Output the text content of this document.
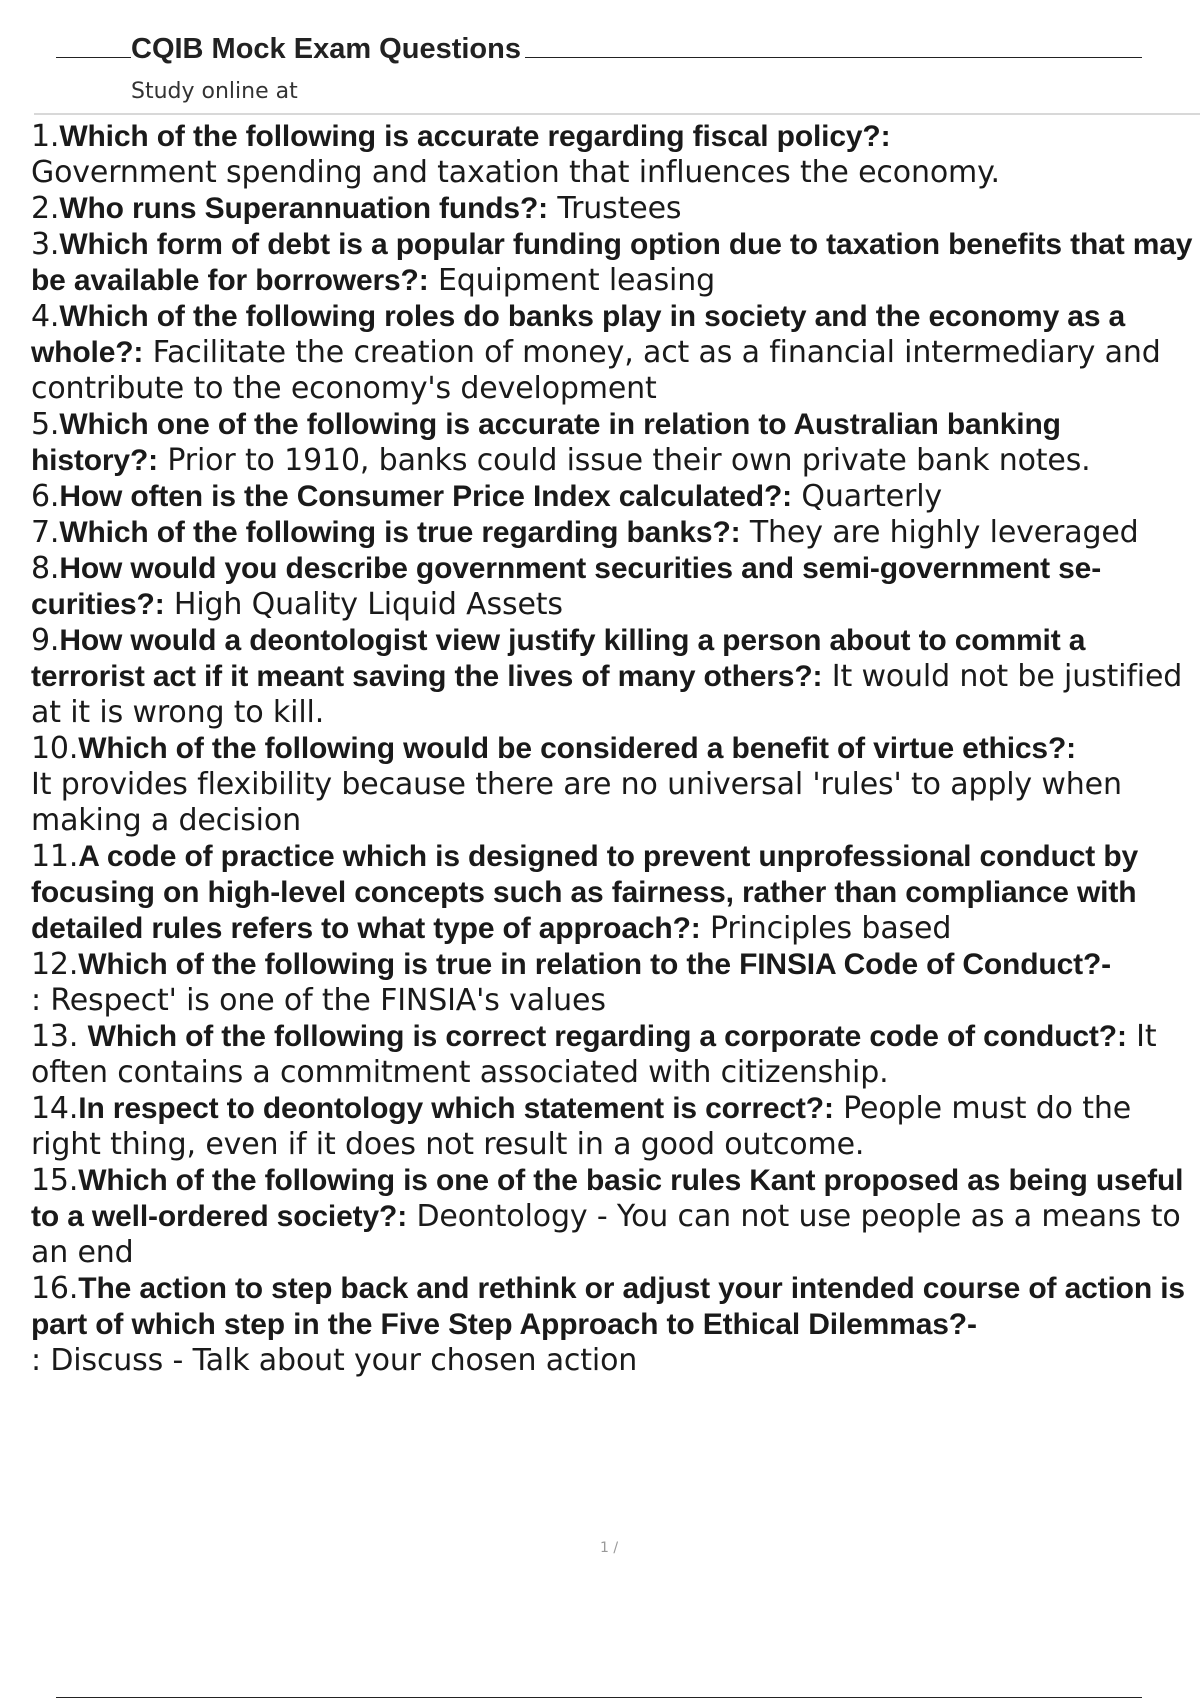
CQIB Mock Exam Questions
Study online at
1.Which of the following is accurate regarding fiscal policy?:
Government spending and taxation that influences the economy.
2.Who runs Superannuation funds?: Trustees
3.Which form of debt is a popular funding option due to taxation benefits that may be available for borrowers?: Equipment leasing
4.Which of the following roles do banks play in society and the economy as a whole?: Facilitate the creation of money, act as a financial intermediary and contribute to the economy's development
5.Which one of the following is accurate in relation to Australian banking history?: Prior to 1910, banks could issue their own private bank notes.
6.How often is the Consumer Price Index calculated?: Quarterly
7.Which of the following is true regarding banks?: They are highly leveraged
8.How would you describe government securities and semi-government se- curities?: High Quality Liquid Assets
9.How would a deontologist view justify killing a person about to commit a terrorist act if it meant saving the lives of many others?: It would not be justified at it is wrong to kill.
10.Which of the following would be considered a benefit of virtue ethics?:
It provides flexibility because there are no universal 'rules' to apply when making a decision
11.A code of practice which is designed to prevent unprofessional conduct by focusing on high-level concepts such as fairness, rather than compliance with detailed rules refers to what type of approach?: Principles based
12.Which of the following is true in relation to the FINSIA Code of Conduct?-
: Respect' is one of the FINSIA's values
13. Which of the following is correct regarding a corporate code of conduct?: It often contains a commitment associated with citizenship.
14.In respect to deontology which statement is correct?: People must do the right thing, even if it does not result in a good outcome.
15.Which of the following is one of the basic rules Kant proposed as being useful to a well-ordered society?: Deontology - You can not use people as a means to an end
16.The action to step back and rethink or adjust your intended course of action is part of which step in the Five Step Approach to Ethical Dilemmas?-
: Discuss - Talk about your chosen action
1 /
